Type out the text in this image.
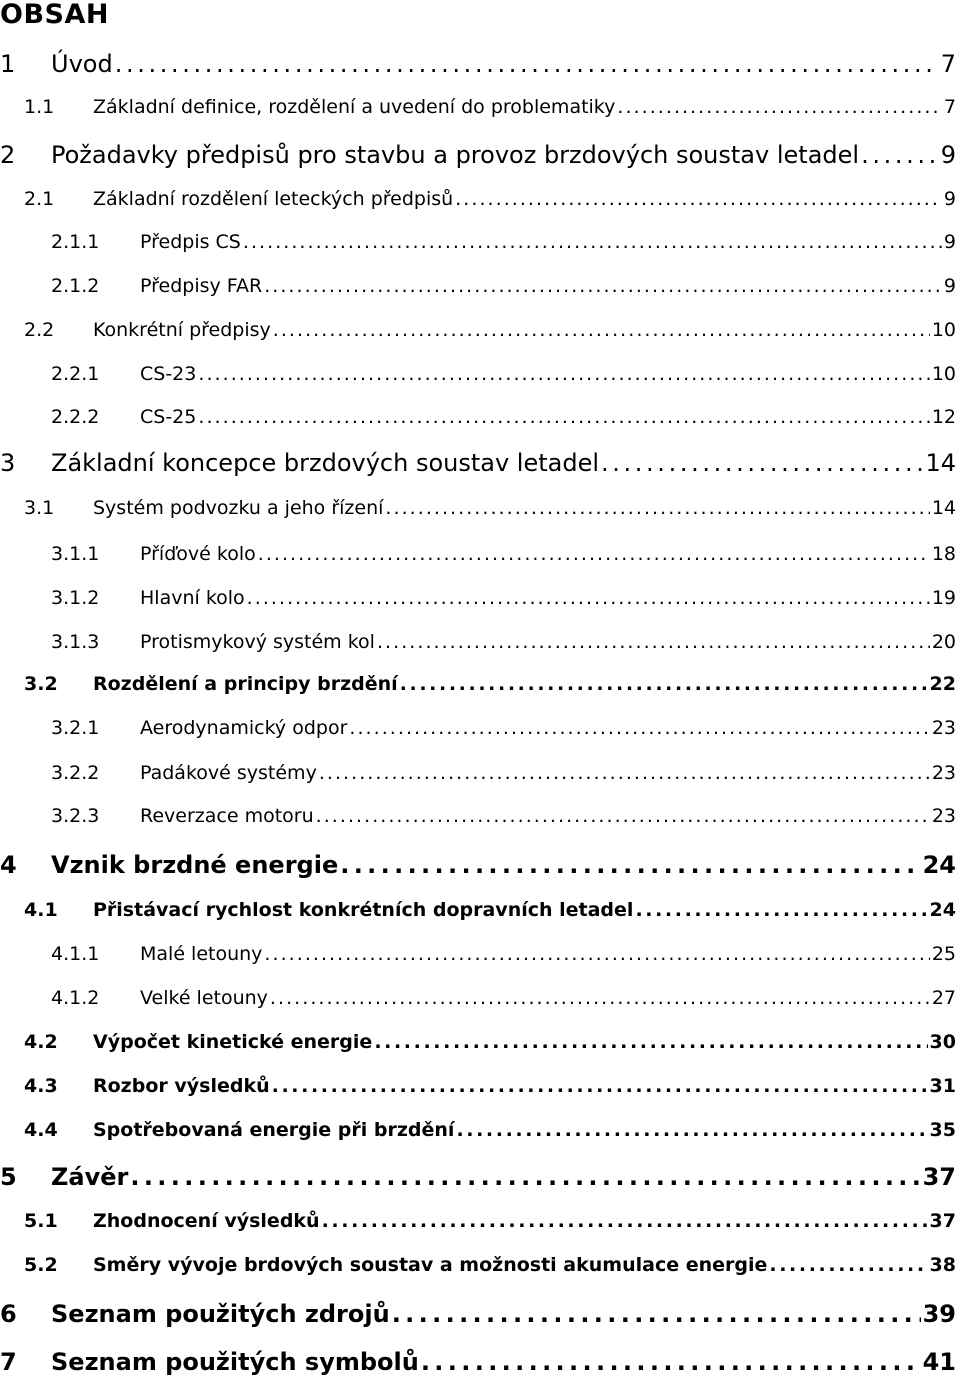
OBSAH
1 Úvod . . .	7
1.1 Základní definice, rozdělení a uvedení do problematiky . . .	7
2 Požadavky předpisů pro stavbu a provoz brzdových soustav letadel . . .	9
2.1 Základní rozdělení leteckých předpisů . . .	9
2.1.1 Předpis CS . . .	9
2.1.2 Předpisy FAR . . .	9
2.2 Konkrétní předpisy . . .	10
2.2.1 CS-23 . . .	10
2.2.2 CS-25 . . .	12
3 Základní koncepce brzdových soustav letadel . . .	14
3.1 Systém podvozku a jeho řízení . . .	14
3.1.1 Příďové kolo . . .	18
3.1.2 Hlavní kolo . . .	19
3.1.3 Protismykový systém kol . . .	20
3.2 Rozdělení a principy brzdění . . .	22
3.2.1 Aerodynamický odpor . . .	23
3.2.2 Padákové systémy . . .	23
3.2.3 Reverzace motoru . . .	23
4 Vznik brzdné energie . . .	24
4.1 Přistávací rychlost konkrétních dopravních letadel . . .	24
4.1.1 Malé letouny . . .	25
4.1.2 Velké letouny . . .	27
4.2 Výpočet kinetické energie . . .	30
4.3 Rozbor výsledků . . .	31
4.4 Spotřebovaná energie při brzdění . . .	35
5 Závěr . . .	37
5.1 Zhodnocení výsledků . . .	37
5.2 Směry vývoje brdových soustav a možnosti akumulace energie . . .	38
6 Seznam použitých zdrojů . . .	39
7 Seznam použitých symbolů . . .	41
